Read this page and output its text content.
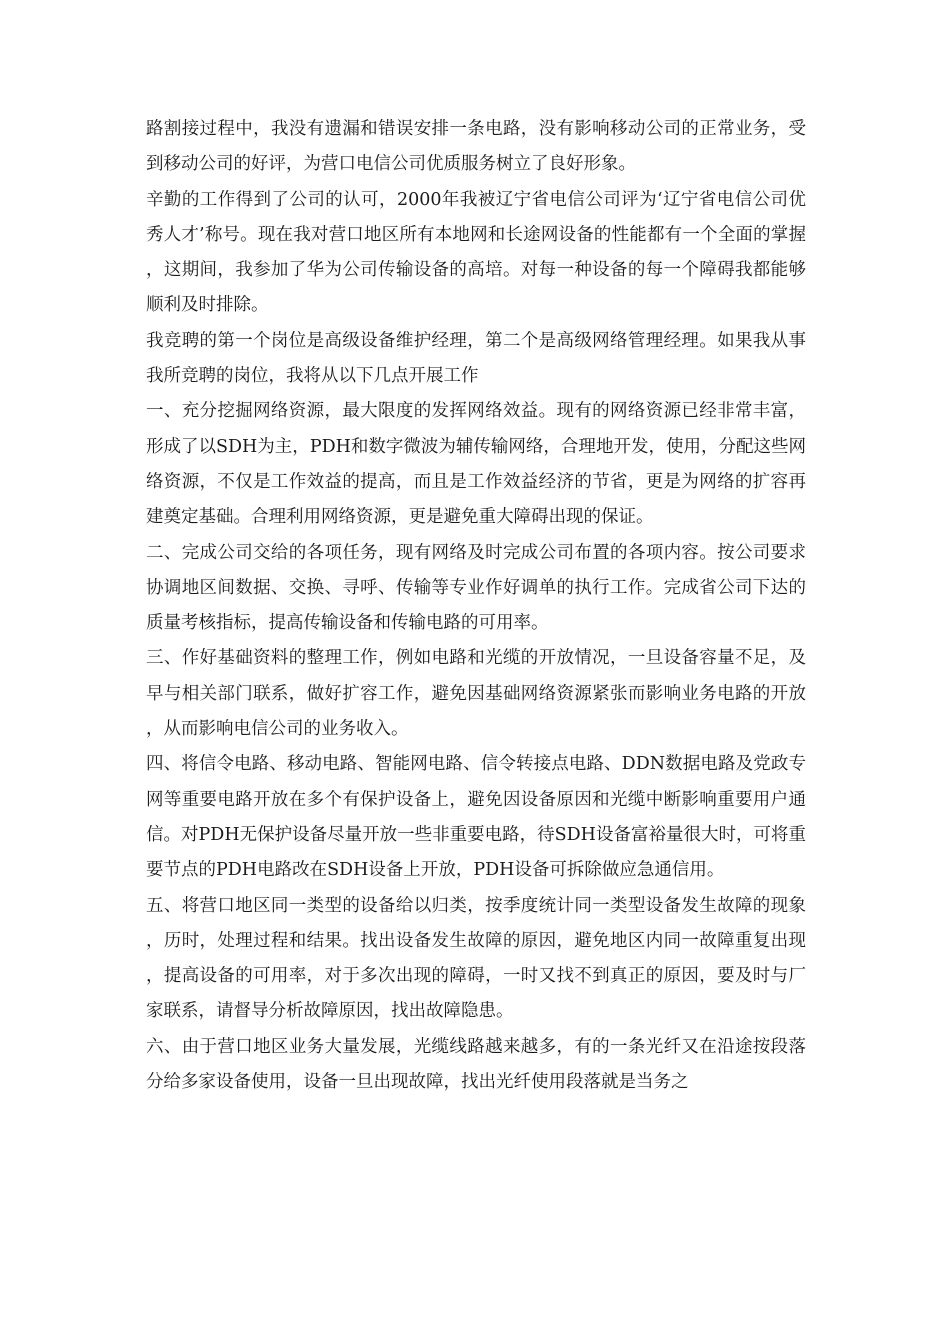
路割接过程中，我没有遗漏和错误安排一条电路，没有影响移动公司的正常业务，受到移动公司的好评，为营口电信公司优质服务树立了良好形象。

辛勤的工作得到了公司的认可，2000年我被辽宁省电信公司评为‘辽宁省电信公司优秀人才’称号。现在我对营口地区所有本地网和长途网设备的性能都有一个全面的掌握，这期间，我参加了华为公司传输设备的高培。对每一种设备的每一个障碍我都能够顺利及时排除。

我竞聘的第一个岗位是高级设备维护经理，第二个是高级网络管理经理。如果我从事我所竞聘的岗位，我将从以下几点开展工作

一、充分挖掘网络资源，最大限度的发挥网络效益。现有的网络资源已经非常丰富，形成了以SDH为主，PDH和数字微波为辅传输网络，合理地开发，使用，分配这些网络资源，不仅是工作效益的提高，而且是工作效益经济的节省，更是为网络的扩容再建奠定基础。合理利用网络资源，更是避免重大障碍出现的保证。

二、完成公司交给的各项任务，现有网络及时完成公司布置的各项内容。按公司要求协调地区间数据、交换、寻呼、传输等专业作好调单的执行工作。完成省公司下达的质量考核指标，提高传输设备和传输电路的可用率。

三、作好基础资料的整理工作，例如电路和光缆的开放情况，一旦设备容量不足，及早与相关部门联系，做好扩容工作，避免因基础网络资源紧张而影响业务电路的开放，从而影响电信公司的业务收入。

四、将信令电路、移动电路、智能网电路、信令转接点电路、DDN数据电路及党政专网等重要电路开放在多个有保护设备上，避免因设备原因和光缆中断影响重要用户通信。对PDH无保护设备尽量开放一些非重要电路，待SDH设备富裕量很大时，可将重要节点的PDH电路改在SDH设备上开放，PDH设备可拆除做应急通信用。

五、将营口地区同一类型的设备给以归类，按季度统计同一类型设备发生故障的现象，历时，处理过程和结果。找出设备发生故障的原因，避免地区内同一故障重复出现，提高设备的可用率，对于多次出现的障碍，一时又找不到真正的原因，要及时与厂家联系，请督导分析故障原因，找出故障隐患。

六、由于营口地区业务大量发展，光缆线路越来越多，有的一条光纤又在沿途按段落分给多家设备使用，设备一旦出现故障，找出光纤使用段落就是当务之
